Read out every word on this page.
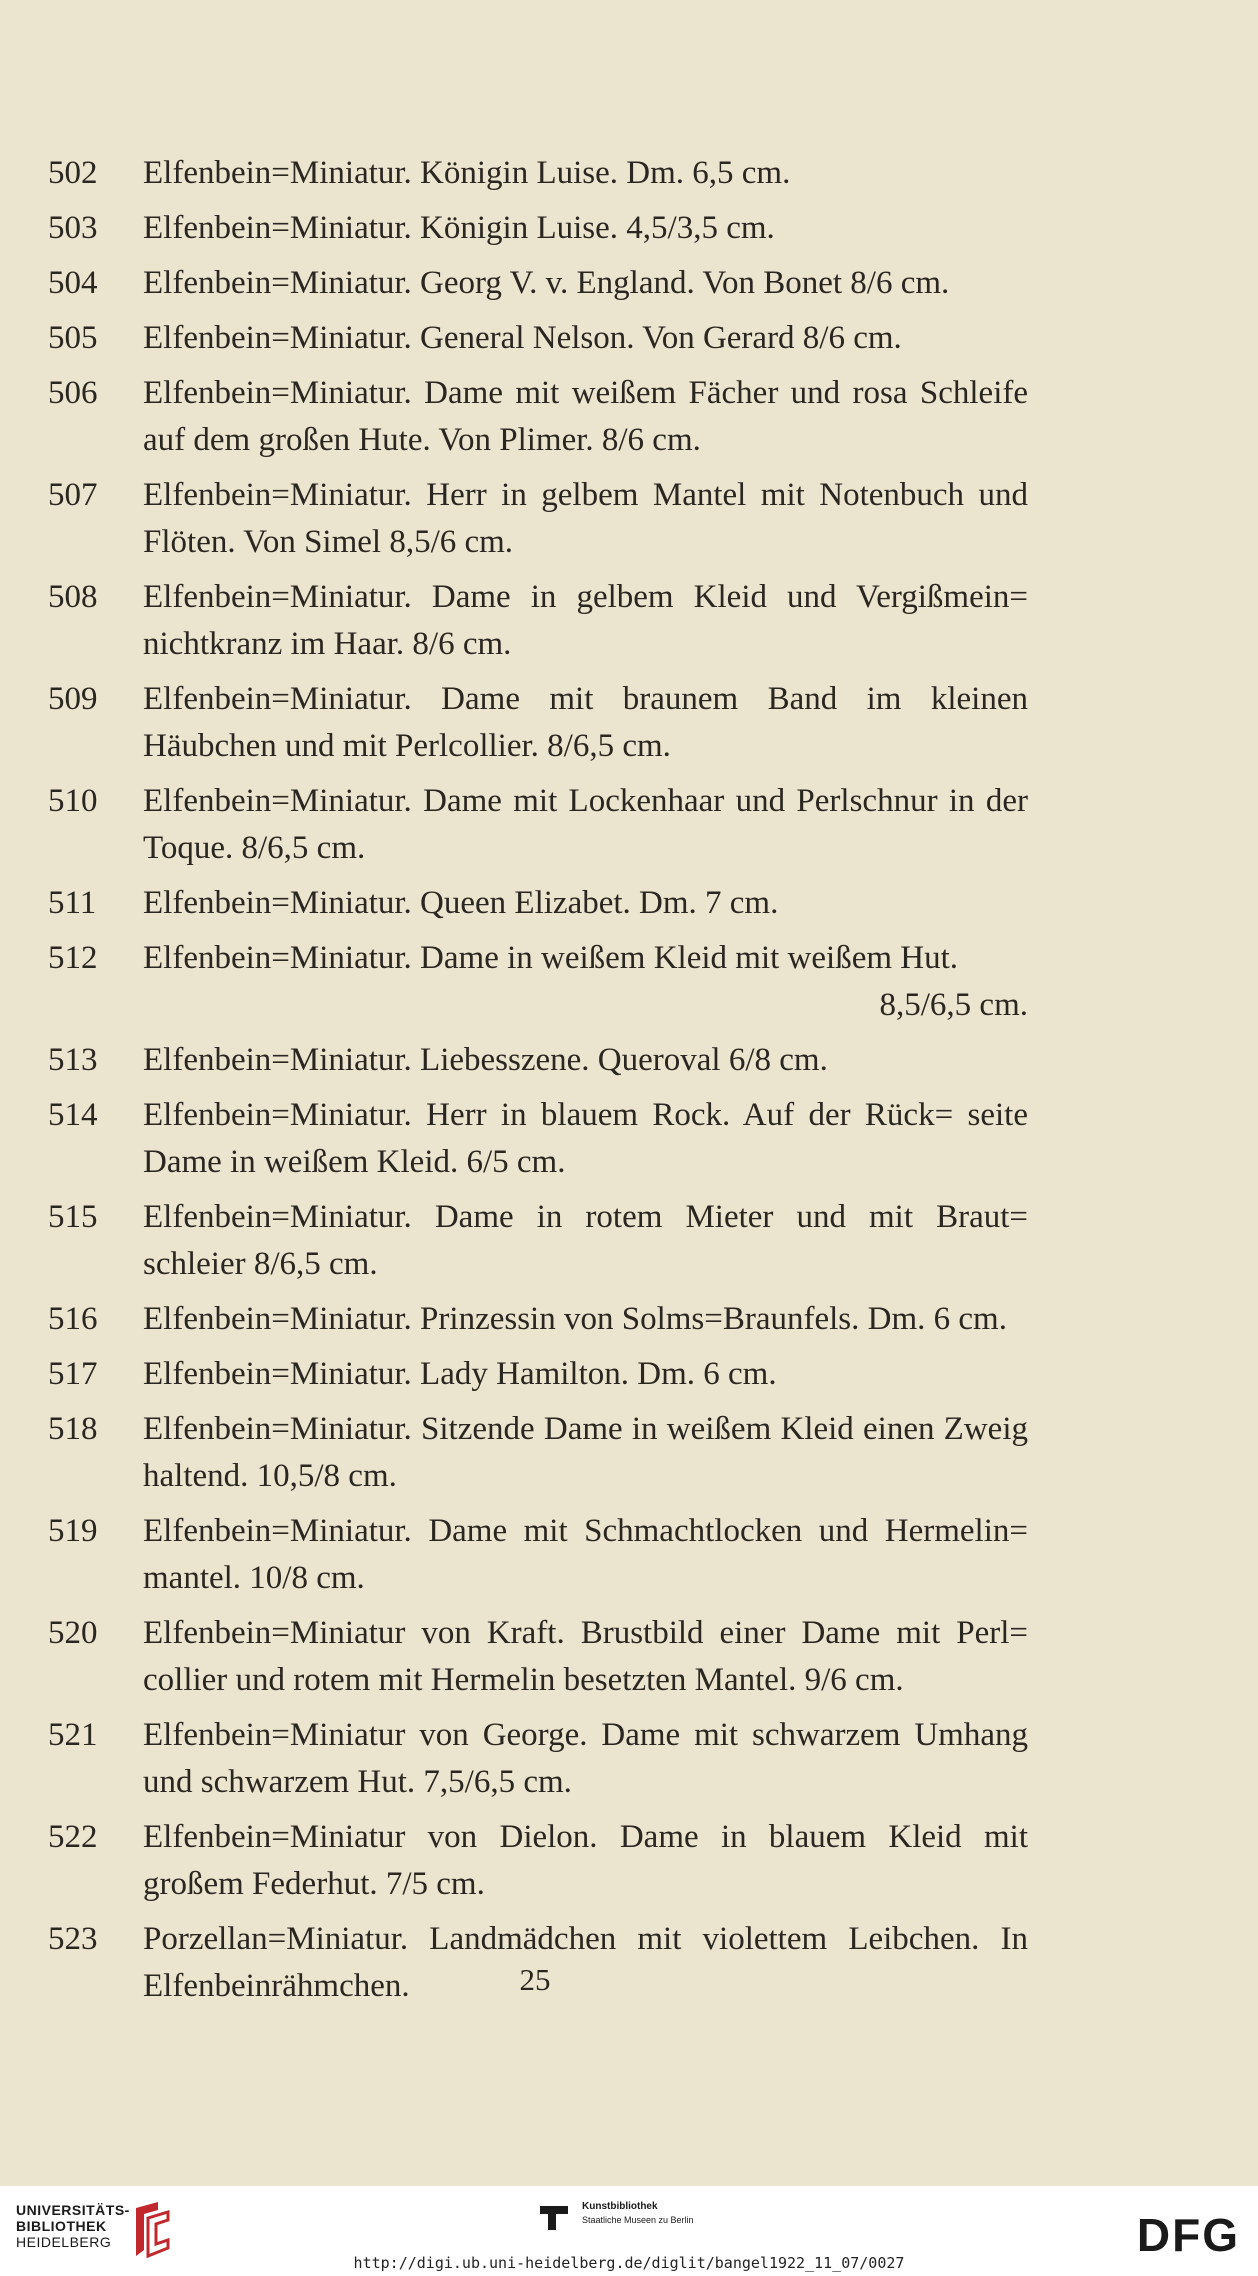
502	Elfenbein=Miniatur. Königin Luise. Dm. 6,5 cm.
503	Elfenbein=Miniatur. Königin Luise. 4,5/3,5 cm.
504	Elfenbein=Miniatur. Georg V. v. England. Von Bonet 8/6 cm.
505	Elfenbein=Miniatur. General Nelson. Von Gerard 8/6 cm.
506	Elfenbein=Miniatur. Dame mit weißem Fächer und rosa Schleife auf dem großen Hute. Von Plimer. 8/6 cm.
507	Elfenbein=Miniatur. Herr in gelbem Mantel mit Notenbuch und Flöten. Von Simel 8,5/6 cm.
508	Elfenbein=Miniatur. Dame in gelbem Kleid und Vergißmein= nichtkranz im Haar. 8/6 cm.
509	Elfenbein=Miniatur. Dame mit braunem Band im kleinen Häubchen und mit Perlcollier. 8/6,5 cm.
510	Elfenbein=Miniatur. Dame mit Lockenhaar und Perlschnur in der Toque. 8/6,5 cm.
511	Elfenbein=Miniatur. Queen Elizabet. Dm. 7 cm.
512	Elfenbein=Miniatur. Dame in weißem Kleid mit weißem Hut.
8,5/6,5 cm.
513	Elfenbein=Miniatur. Liebesszene. Queroval 6/8 cm.
514	Elfenbein=Miniatur. Herr in blauem Rock. Auf der Rück= seite Dame in weißem Kleid. 6/5 cm.
515	Elfenbein=Miniatur. Dame in rotem Mieter und mit Braut= schleier 8/6,5 cm.
516	Elfenbein=Miniatur. Prinzessin von Solms=Braunfels. Dm. 6 cm.
517	Elfenbein=Miniatur. Lady Hamilton. Dm. 6 cm.
518	Elfenbein=Miniatur. Sitzende Dame in weißem Kleid einen Zweig haltend. 10,5/8 cm.
519	Elfenbein=Miniatur. Dame mit Schmachtlocken und Hermelin= mantel. 10/8 cm.
520	Elfenbein=Miniatur von Kraft. Brustbild einer Dame mit Perl= collier und rotem mit Hermelin besetzten Mantel. 9/6 cm.
521	Elfenbein=Miniatur von George. Dame mit schwarzem Umhang und schwarzem Hut. 7,5/6,5 cm.
522	Elfenbein=Miniatur von Dielon. Dame in blauem Kleid mit großem Federhut. 7/5 cm.
523	Porzellan=Miniatur. Landmädchen mit violettem Leibchen. In Elfenbeinrähmchen.	25
UNIVERSITÄTS-
BIBLIOTHEK
HEIDELBERG
Kunstbibliothek
Staatliche Museen zu Berlin	DFG
http://digi.ub.uni-heidelberg.de/diglit/bangel1922_11_07/0027
